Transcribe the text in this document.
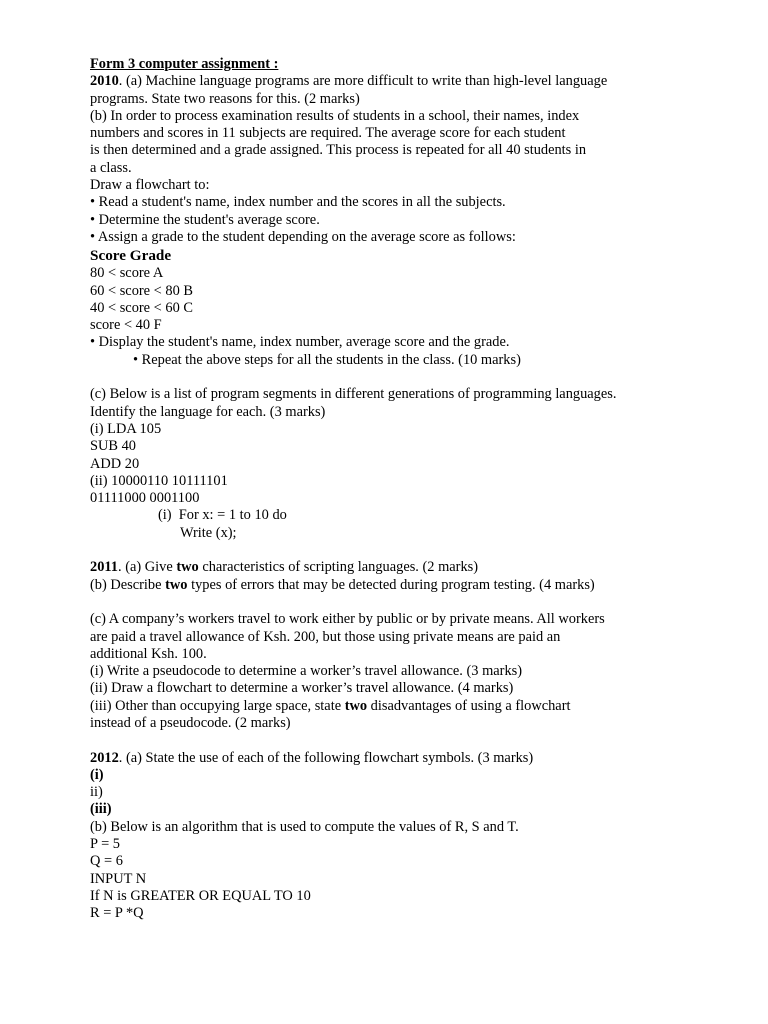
Form 3 computer assignment :
2010. (a) Machine language programs are more difficult to write than high-level language
programs. State two reasons for this. (2 marks)
(b) In order to process examination results of students in a school, their names, index
numbers and scores in 11 subjects are required. The average score for each student
is then determined and a grade assigned. This process is repeated for all 40 students in
a class.
Draw a flowchart to:
• Read a student's name, index number and the scores in all the subjects.
• Determine the student's average score.
• Assign a grade to the student depending on the average score as follows:
Score Grade
80 < score A
60 < score < 80 B
40 < score < 60 C
score < 40 F
• Display the student's name, index number, average score and the grade.
• Repeat the above steps for all the students in the class. (10 marks)
(c) Below is a list of program segments in different generations of programming languages.
Identify the language for each. (3 marks)
(i) LDA 105
SUB 40
ADD 20
(ii) 10000110 10111101
01111000 0001100
(i)  For x: = 1 to 10 do
Write (x);
2011. (a) Give two characteristics of scripting languages. (2 marks)
(b) Describe two types of errors that may be detected during program testing. (4 marks)
(c) A company’s workers travel to work either by public or by private means. All workers
are paid a travel allowance of Ksh. 200, but those using private means are paid an
additional Ksh. 100.
(i) Write a pseudocode to determine a worker’s travel allowance. (3 marks)
(ii) Draw a flowchart to determine a worker’s travel allowance. (4 marks)
(iii) Other than occupying large space, state two disadvantages of using a flowchart
instead of a pseudocode. (2 marks)
2012. (a) State the use of each of the following flowchart symbols. (3 marks)
(i)
ii)
(iii)
(b) Below is an algorithm that is used to compute the values of R, S and T.
P = 5
Q = 6
INPUT N
If N is GREATER OR EQUAL TO 10
R = P *Q
